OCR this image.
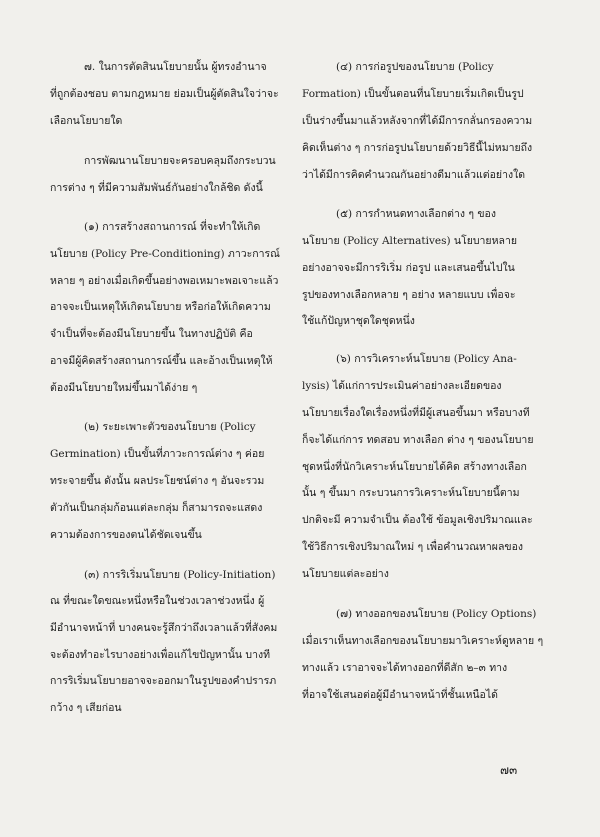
๗. ในการตัดสินนโยบายนั้น ผู้ทรงอำนาจ
ที่ถูกต้องชอบ ตามกฎหมาย ย่อมเป็นผู้ตัดสินใจว่าจะ
เลือกนโยบายใด
การพัฒนานโยบายจะครอบคลุมถึงกระบวน
การต่าง ๆ ที่มีความสัมพันธ์กันอย่างใกล้ชิด ดังนี้
(๑) การสร้างสถานการณ์ ที่จะทำให้เกิด
นโยบาย (Policy Pre-Conditioning) ภาวะการณ์
หลาย ๆ อย่างเมื่อเกิดขึ้นอย่างพอเหมาะพอเจาะแล้ว
อาจจะเป็นเหตุให้เกิดนโยบาย หรือก่อให้เกิดความ
จำเป็นที่จะต้องมีนโยบายขึ้น ในทางปฏิบัติ คือ
อาจมีผู้คิดสร้างสถานการณ์ขึ้น และอ้างเป็นเหตุให้
ต้องมีนโยบายใหม่ขึ้นมาได้ง่าย ๆ
(๒) ระยะเพาะตัวของนโยบาย (Policy
Germination) เป็นขั้นที่ภาวะการณ์ต่าง ๆ ค่อย
ทระจายขึ้น ดังนั้น ผลประโยชน์ต่าง ๆ อันจะรวม
ตัวกันเป็นกลุ่มก้อนแต่ละกลุ่ม ก็สามารถจะแสดง
ความต้องการของตนได้ชัดเจนขึ้น
(๓) การริเริ่มนโยบาย (Policy-Initiation)
ณ ที่ขณะใดขณะหนึ่งหรือในช่วงเวลาช่วงหนึ่ง ผู้
มีอำนาจหน้าที่ บางคนจะรู้สึกว่าถึงเวลาแล้วที่สังคม
จะต้องทำอะไรบางอย่างเพื่อแก้ไขปัญหานั้น บางที
การริเริ่มนโยบายอาจจะออกมาในรูปของคำปรารภ
กว้าง ๆ เสียก่อน
(๔) การก่อรูปของนโยบาย (Policy
Formation) เป็นขั้นตอนที่นโยบายเริ่มเกิดเป็นรูป
เป็นร่างขึ้นมาแล้วหลังจากที่ได้มีการกลั่นกรองความ
คิดเห็นต่าง ๆ การก่อรูปนโยบายด้วยวิธีนี้ไม่หมายถึง
ว่าได้มีการคิดคำนวณกันอย่างดีมาแล้วแต่อย่างใด
(๕) การกำหนดทางเลือกต่าง ๆ ของ
นโยบาย (Policy Alternatives) นโยบายหลาย
อย่างอาจจะมีการริเริ่ม ก่อรูป และเสนอขึ้นไปใน
รูปของทางเลือกหลาย ๆ อย่าง หลายแบบ เพื่อจะ
ใช้แก้ปัญหาชุดใดชุดหนึ่ง
(๖) การวิเคราะห์นโยบาย (Policy Ana-
lysis) ได้แก่การประเมินค่าอย่างละเอียดของ
นโยบายเรื่องใดเรื่องหนึ่งที่มีผู้เสนอขึ้นมา หรือบางที
ก็จะได้แก่การ ทดสอบ ทางเลือก ต่าง ๆ ของนโยบาย
ชุดหนึ่งที่นักวิเคราะห์นโยบายได้คิด สร้างทางเลือก
นั้น ๆ ขึ้นมา กระบวนการวิเคราะห์นโยบายนี้ตาม
ปกติจะมี ความจำเป็น ต้องใช้ ข้อมูลเชิงปริมาณและ
ใช้วิธีการเชิงปริมาณใหม่ ๆ เพื่อคำนวณหาผลของ
นโยบายแต่ละอย่าง
(๗) ทางออกของนโยบาย (Policy Options)
เมื่อเราเห็นทางเลือกของนโยบายมาวิเคราะห์ดูหลาย ๆ
ทางแล้ว เราอาจจะได้ทางออกที่ดีสัก ๒–๓ ทาง
ที่อาจใช้เสนอต่อผู้มีอำนาจหน้าที่ชั้นเหนือได้
๗๓
